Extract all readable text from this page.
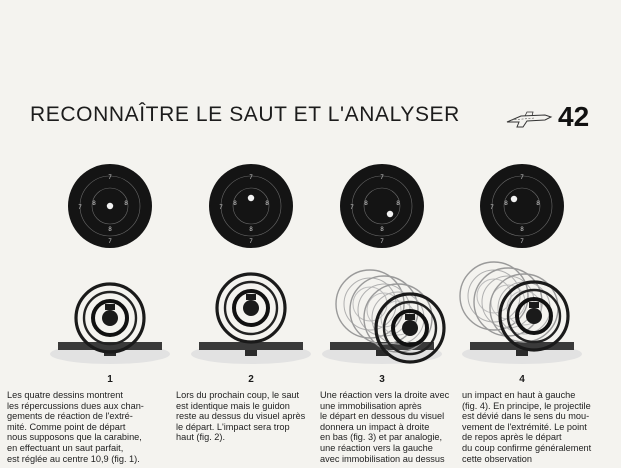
RECONNAÎTRE LE SAUT ET L'ANALYSER	42
7
8	8
7
8
7
1
Les quatre dessins montrent
les répercussions dues aux chan-
gements de réaction de l'extré-
mité. Comme point de départ
nous supposons que la carabine,
en effectuant un saut parfait,
est réglée au centre 10,9 (fig. 1).
7
8	8
7
8
7
2
Lors du prochain coup, le saut
est identique mais le guidon
reste au dessus du visuel après
le départ. L'impact sera trop
haut (fig. 2).
7
8	8
7
8
7
3
Une réaction vers la droite avec
une immobilisation après
le départ en dessous du visuel
donnera un impact à droite
en bas (fig. 3) et par analogie,
une réaction vers la gauche
avec immobilisation au dessus
7
8	8
7
8
7
4
un impact en haut à gauche
(fig. 4). En principe, le projectile
est dévié dans le sens du mou-
vement de l'extrémité. Le point
de repos après le départ
du coup confirme généralement
cette observation
